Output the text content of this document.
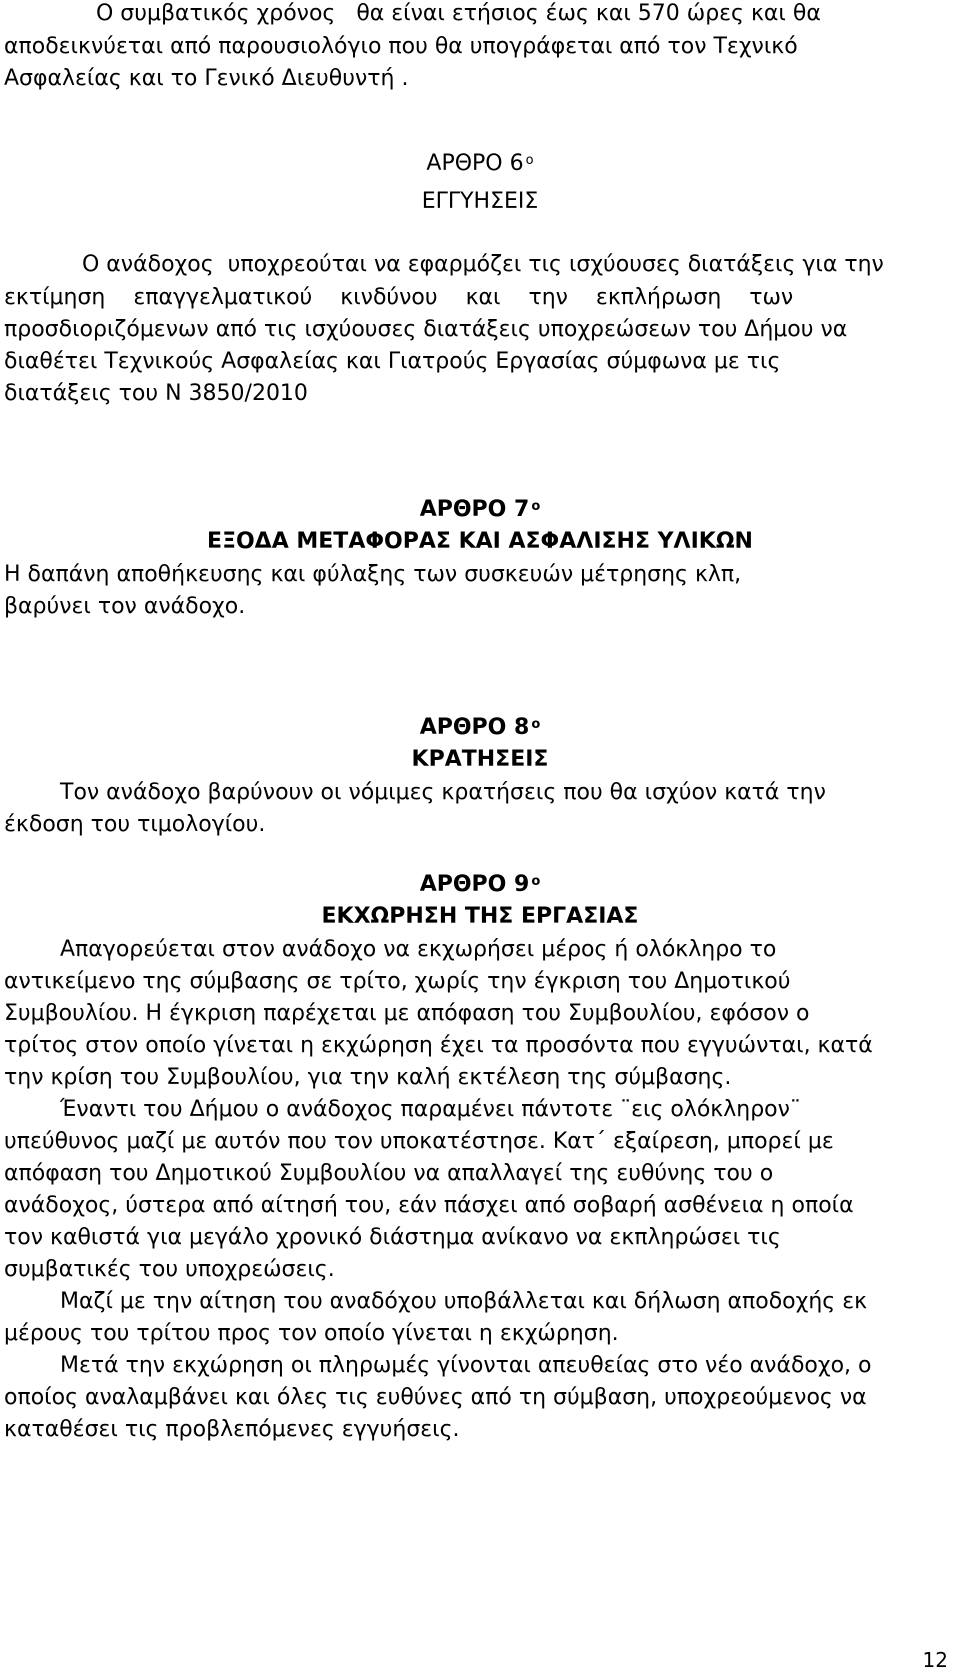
Ο συμβατικός χρόνος   θα είναι ετήσιος έως και 570 ώρες και θα
αποδεικνύεται από παρουσιολόγιο που θα υπογράφεται από τον Τεχνικό
Ασφαλείας και το Γενικό Διευθυντή .
ΑΡΘΡΟ 6 $^o$
ΕΓΓΥΗΣΕΙΣ
Ο ανάδοχος  υποχρεούται να εφαρμόζει τις ισχύουσες διατάξεις για την
εκτίμηση    επαγγελματικού    κινδύνου    και    την    εκπλήρωση    των
προσδιοριζόμενων από τις ισχύουσες διατάξεις υποχρεώσεων του Δήμου να
διαθέτει Τεχνικούς Ασφαλείας και Γιατρούς Εργασίας σύμφωνα με τις
διατάξεις του Ν 3850/2010
ΑΡΘΡΟ 7 $^o$
ΕΞΟΔΑ ΜΕΤΑΦΟΡΑΣ ΚΑΙ ΑΣΦΑΛΙΣΗΣ ΥΛΙΚΩΝ
Η δαπάνη αποθήκευσης και φύλαξης των συσκευών μέτρησης κλπ,
βαρύνει τον ανάδοχο.
ΑΡΘΡΟ 8 $^o$
ΚΡΑΤΗΣΕΙΣ
Τον ανάδοχο βαρύνουν οι νόμιμες κρατήσεις που θα ισχύον κατά την
έκδοση του τιμολογίου.
ΑΡΘΡΟ 9 $^o$
ΕΚΧΩΡΗΣΗ ΤΗΣ ΕΡΓΑΣΙΑΣ
Απαγορεύεται στον ανάδοχο να εκχωρήσει μέρος ή ολόκληρο το
αντικείμενο της σύμβασης σε τρίτο, χωρίς την έγκριση του Δημοτικού
Συμβουλίου. Η έγκριση παρέχεται με απόφαση του Συμβουλίου, εφόσον ο
τρίτος στον οποίο γίνεται η εκχώρηση έχει τα προσόντα που εγγυώνται, κατά
την κρίση του Συμβουλίου, για την καλή εκτέλεση της σύμβασης.
Έναντι του Δήμου ο ανάδοχος παραμένει πάντοτε ¨εις ολόκληρον¨
υπεύθυνος μαζί με αυτόν που τον υποκατέστησε. Κατ΄ εξαίρεση, μπορεί με
απόφαση του Δημοτικού Συμβουλίου να απαλλαγεί της ευθύνης του ο
ανάδοχος, ύστερα από αίτησή του, εάν πάσχει από σοβαρή ασθένεια η οποία
τον καθιστά για μεγάλο χρονικό διάστημα ανίκανο να εκπληρώσει τις
συμβατικές του υποχρεώσεις.
Μαζί με την αίτηση του αναδόχου υποβάλλεται και δήλωση αποδοχής εκ
μέρους του τρίτου προς τον οποίο γίνεται η εκχώρηση.
Μετά την εκχώρηση οι πληρωμές γίνονται απευθείας στο νέο ανάδοχο, ο
οποίος αναλαμβάνει και όλες τις ευθύνες από τη σύμβαση, υποχρεούμενος να
καταθέσει τις προβλεπόμενες εγγυήσεις.
12
